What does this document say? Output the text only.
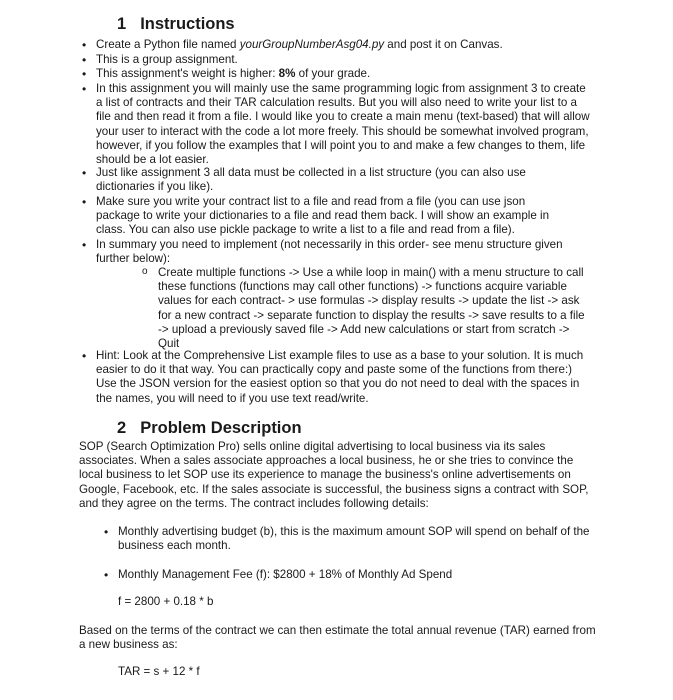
1 Instructions
• Create a Python file named yourGroupNumberAsg04.py and post it on Canvas.
• This is a group assignment.
• This assignment's weight is higher: 8% of your grade.
• In this assignment you will mainly use the same programming logic from assignment 3 to create a list of contracts and their TAR calculation results. But you will also need to write your list to a file and then read it from a file. I would like you to create a main menu (text-based) that will allow your user to interact with the code a lot more freely. This should be somewhat involved program, however, if you follow the examples that I will point you to and make a few changes to them, life should be a lot easier.
• Just like assignment 3 all data must be collected in a list structure (you can also use dictionaries if you like).
• Make sure you write your contract list to a file and read from a file (you can use json package to write your dictionaries to a file and read them back. I will show an example in class. You can also use pickle package to write a list to a file and read from a file).
• In summary you need to implement (not necessarily in this order- see menu structure given further below):
o Create multiple functions -> Use a while loop in main() with a menu structure to call these functions (functions may call other functions) -> functions acquire variable values for each contract- > use formulas -> display results -> update the list -> ask for a new contract -> separate function to display the results -> save results to a file -> upload a previously saved file -> Add new calculations or start from scratch -> Quit
• Hint: Look at the Comprehensive List example files to use as a base to your solution. It is much easier to do it that way. You can practically copy and paste some of the functions from there:) Use the JSON version for the easiest option so that you do not need to deal with the spaces in the names, you will need to if you use text read/write.
2 Problem Description
SOP (Search Optimization Pro) sells online digital advertising to local business via its sales associates. When a sales associate approaches a local business, he or she tries to convince the local business to let SOP use its experience to manage the business's online advertisements on Google, Facebook, etc. If the sales associate is successful, the business signs a contract with SOP, and they agree on the terms. The contract includes following details:
• Monthly advertising budget (b), this is the maximum amount SOP will spend on behalf of the business each month.
• Monthly Management Fee (f): $2800 + 18% of Monthly Ad Spend
f = 2800 + 0.18 * b
Based on the terms of the contract we can then estimate the total annual revenue (TAR) earned from a new business as:
TAR = s + 12 * f
